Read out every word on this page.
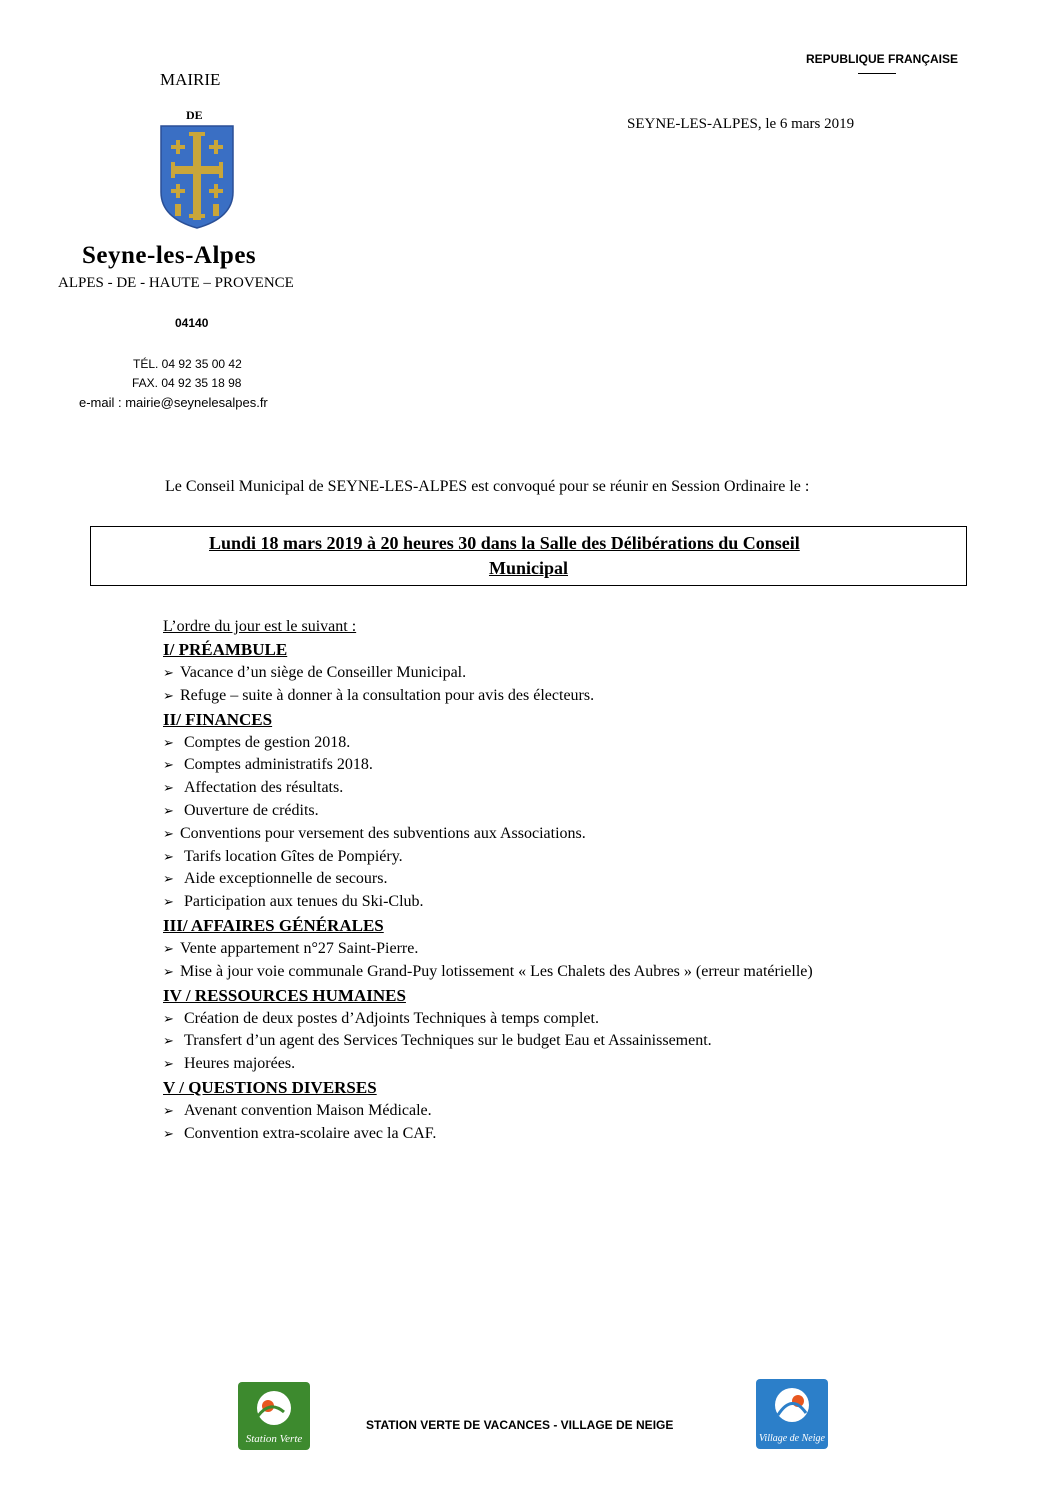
MAIRIE
DE
Seyne-les-Alpes
ALPES - DE - HAUTE – PROVENCE
04140
TÉL. 04 92 35 00 42
FAX. 04 92 35 18 98
e-mail : mairie@seynelesalpes.fr
REPUBLIQUE FRANÇAISE
SEYNE-LES-ALPES, le 6 mars 2019
Le Conseil Municipal de SEYNE-LES-ALPES est convoqué pour se réunir en Session Ordinaire le :
Lundi 18 mars 2019 à 20 heures 30 dans la Salle des Délibérations du Conseil
Municipal
L’ordre du jour est le suivant :
I/ PRÉAMBULE
➢ Vacance d’un siège de Conseiller Municipal.
➢ Refuge – suite à donner à la consultation pour avis des électeurs.
II/ FINANCES
➢ Comptes de gestion 2018.
➢ Comptes administratifs 2018.
➢ Affectation des résultats.
➢ Ouverture de crédits.
➢ Conventions pour versement des subventions aux Associations.
➢ Tarifs location Gîtes de Pompiéry.
➢ Aide exceptionnelle de secours.
➢ Participation aux tenues du Ski-Club.
III/ AFFAIRES GÉNÉRALES
➢ Vente appartement n°27 Saint-Pierre.
➢ Mise à jour voie communale Grand-Puy lotissement « Les Chalets des Aubres » (erreur matérielle)
IV / RESSOURCES HUMAINES
➢ Création de deux postes d’Adjoints Techniques à temps complet.
➢ Transfert d’un agent des Services Techniques sur le budget Eau et Assainissement.
➢ Heures majorées.
V / QUESTIONS DIVERSES
➢ Avenant convention Maison Médicale.
➢ Convention extra-scolaire avec la CAF.
Station Verte
STATION VERTE DE VACANCES - VILLAGE DE NEIGE
Village de Neige
